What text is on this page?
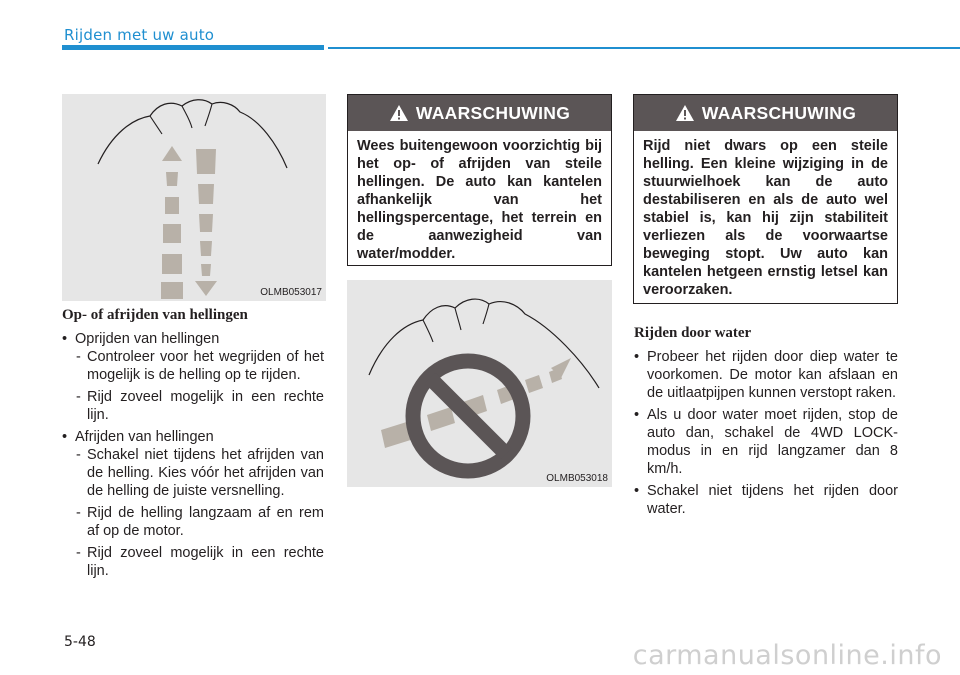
Rijden met uw auto
OLMB053017
Op- of afrijden van hellingen
• Oprijden van hellingen
- Controleer voor het wegrijden of het mogelijk is de helling op te rijden.
- Rijd zoveel mogelijk in een rechte lijn.
• Afrijden van hellingen
- Schakel niet tijdens het afrijden van de helling. Kies vóór het afrijden van de helling de juiste versnelling.
- Rijd de helling langzaam af en rem af op de motor.
- Rijd zoveel mogelijk in een rechte lijn.
WAARSCHUWING
Wees buitengewoon voorzichtig bij het op- of afrijden van steile hellingen. De auto kan kantelen afhankelijk van het hellingspercentage, het terrein en de aanwezigheid van water/modder.
OLMB053018
WAARSCHUWING
Rijd niet dwars op een steile helling. Een kleine wijziging in de stuurwielhoek kan de auto destabiliseren en als de auto wel stabiel is, kan hij zijn stabiliteit verliezen als de voorwaartse beweging stopt. Uw auto kan kantelen hetgeen ernstig letsel kan veroorzaken.
Rijden door water
• Probeer het rijden door diep water te voorkomen. De motor kan afslaan en de uitlaatpijpen kunnen verstopt raken.
• Als u door water moet rijden, stop de auto dan, schakel de 4WD LOCK-modus in en rijd langzamer dan 8 km/h.
• Schakel niet tijdens het rijden door water.
5-48	carmanualsonline.info
